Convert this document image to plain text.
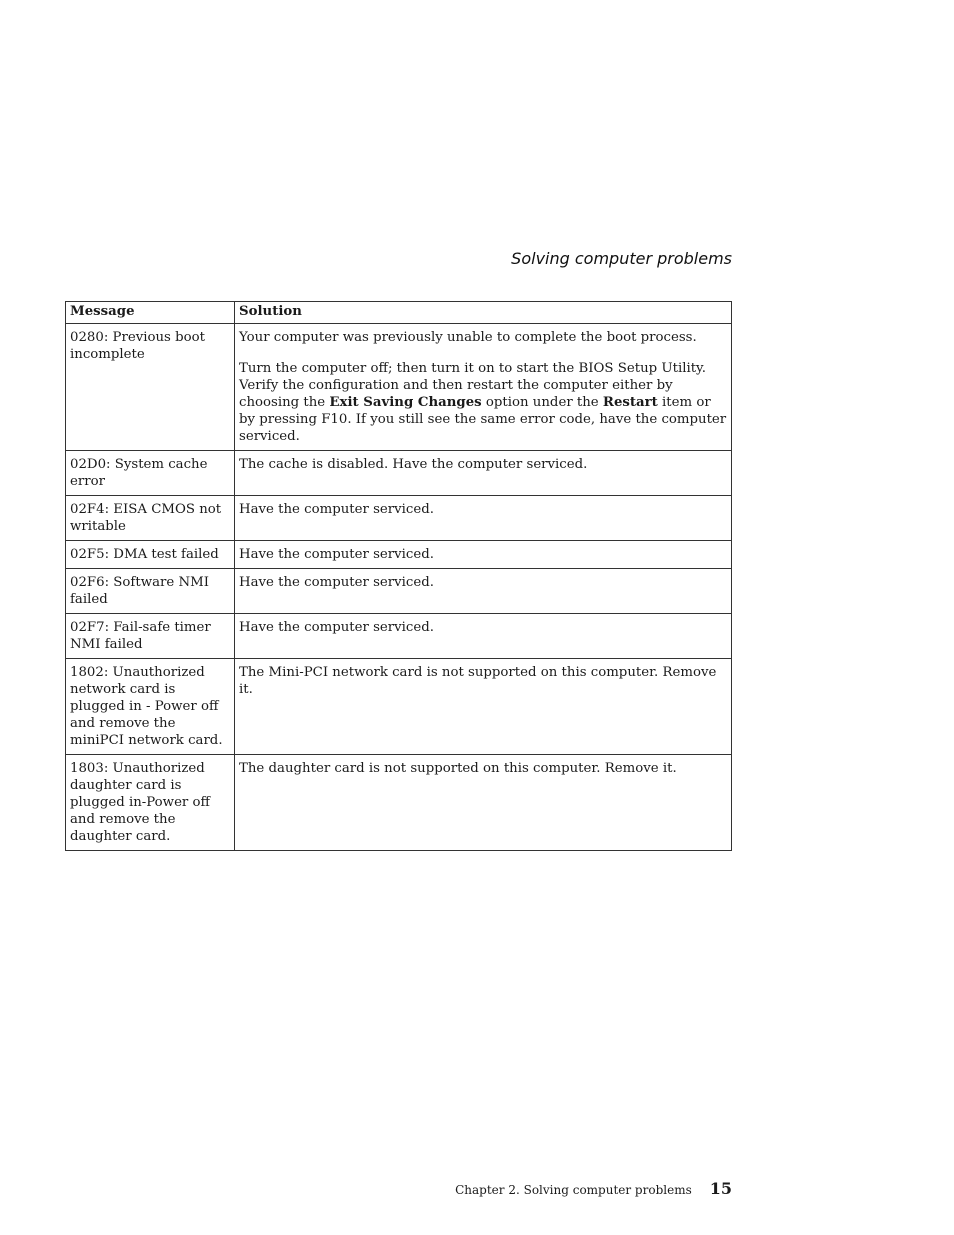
Solving computer problems
Message	Solution
0280: Previous boot incomplete	Your computer was previously unable to complete the boot process.
Turn the computer off; then turn it on to start the BIOS Setup Utility. Verify the configuration and then restart the computer either by choosing the Exit Saving Changes option under the Restart item or by pressing F10. If you still see the same error code, have the computer serviced.

02D0: System cache error	The cache is disabled. Have the computer serviced.
02F4: EISA CMOS not writable	Have the computer serviced.
02F5: DMA test failed	Have the computer serviced.
02F6: Software NMI failed	Have the computer serviced.
02F7: Fail-safe timer NMI failed	Have the computer serviced.
1802: Unauthorized network card is plugged in - Power off and remove the miniPCI network card.	The Mini-PCI network card is not supported on this computer. Remove it.
1803: Unauthorized daughter card is plugged in-Power off and remove the daughter card.	The daughter card is not supported on this computer. Remove it.
Chapter 2. Solving computer problems 15
